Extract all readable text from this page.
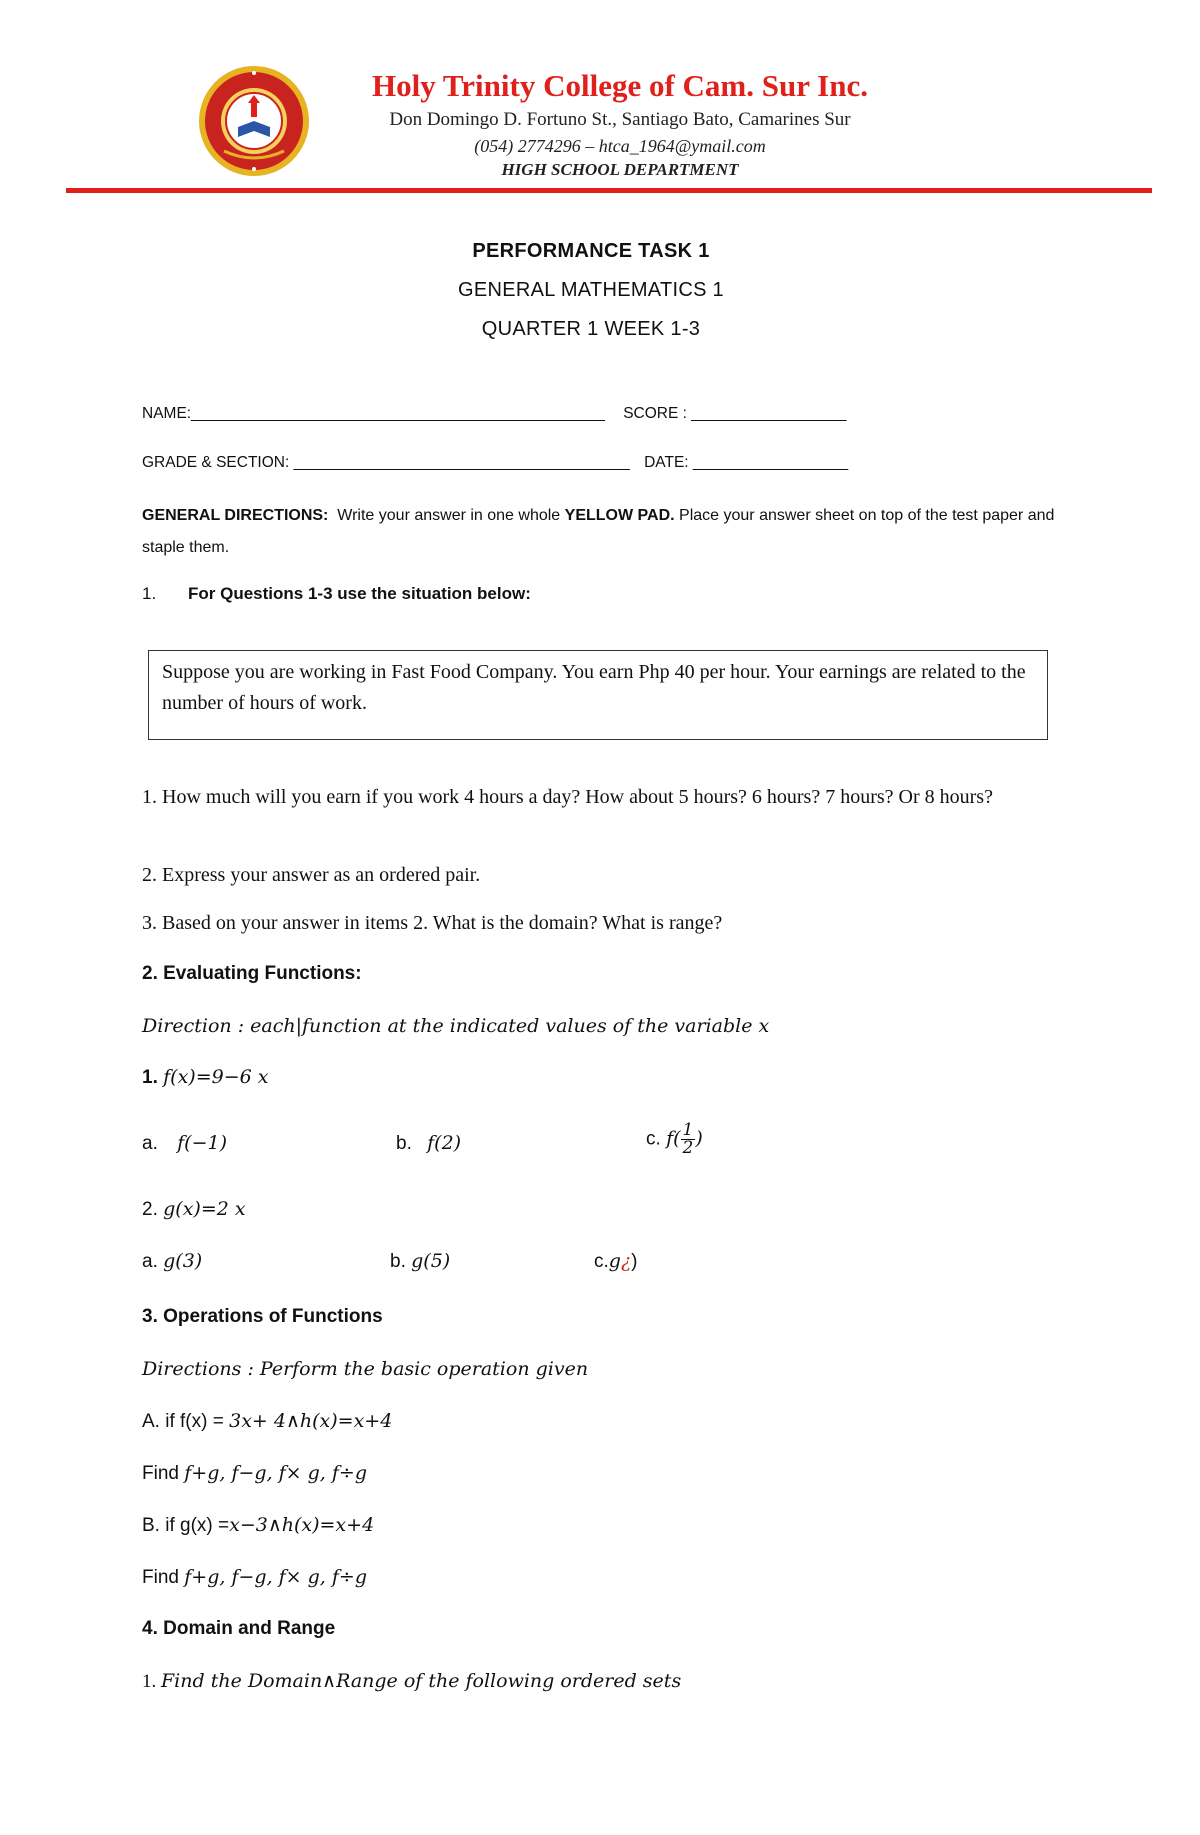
Holy Trinity College of Cam. Sur Inc.
Don Domingo D. Fortuno St., Santiago Bato, Camarines Sur
(054) 2774296 – htca_1964@ymail.com
HIGH SCHOOL DEPARTMENT
PERFORMANCE TASK 1
GENERAL MATHEMATICS 1
QUARTER 1 WEEK 1-3
NAME:________________________________________________ SCORE : __________________
GRADE & SECTION: _______________________________________ DATE: __________________
GENERAL DIRECTIONS: Write your answer in one whole YELLOW PAD. Place your answer sheet on top of the test paper and staple them.
1. For Questions 1-3 use the situation below:
Suppose you are working in Fast Food Company. You earn Php 40 per hour. Your earnings are related to the number of hours of work.
1. How much will you earn if you work 4 hours a day? How about 5 hours? 6 hours? 7 hours? Or 8 hours?
2. Express your answer as an ordered pair.
3. Based on your answer in items 2. What is the domain? What is range?
2. Evaluating Functions:
Direction : each|function at the indicated values of the variable x
1. f(x)=9−6 x
a. f(−1)	b. f(2)	c. $f( \frac{1}{2}$ )
2. g(x)=2 x
a. g(3)	b. g(5)	c.g¿)
3. Operations of Functions
Directions : Perform the basic operation given
A. if f(x) = 3x+ 4∧h(x)=x+4
Find f+g, f−g, f× g, f÷g
B. if g(x) =x−3∧h(x)=x+4
Find f+g, f−g, f× g, f÷g
4. Domain and Range
1. Find the Domain∧Range of the following ordered sets
